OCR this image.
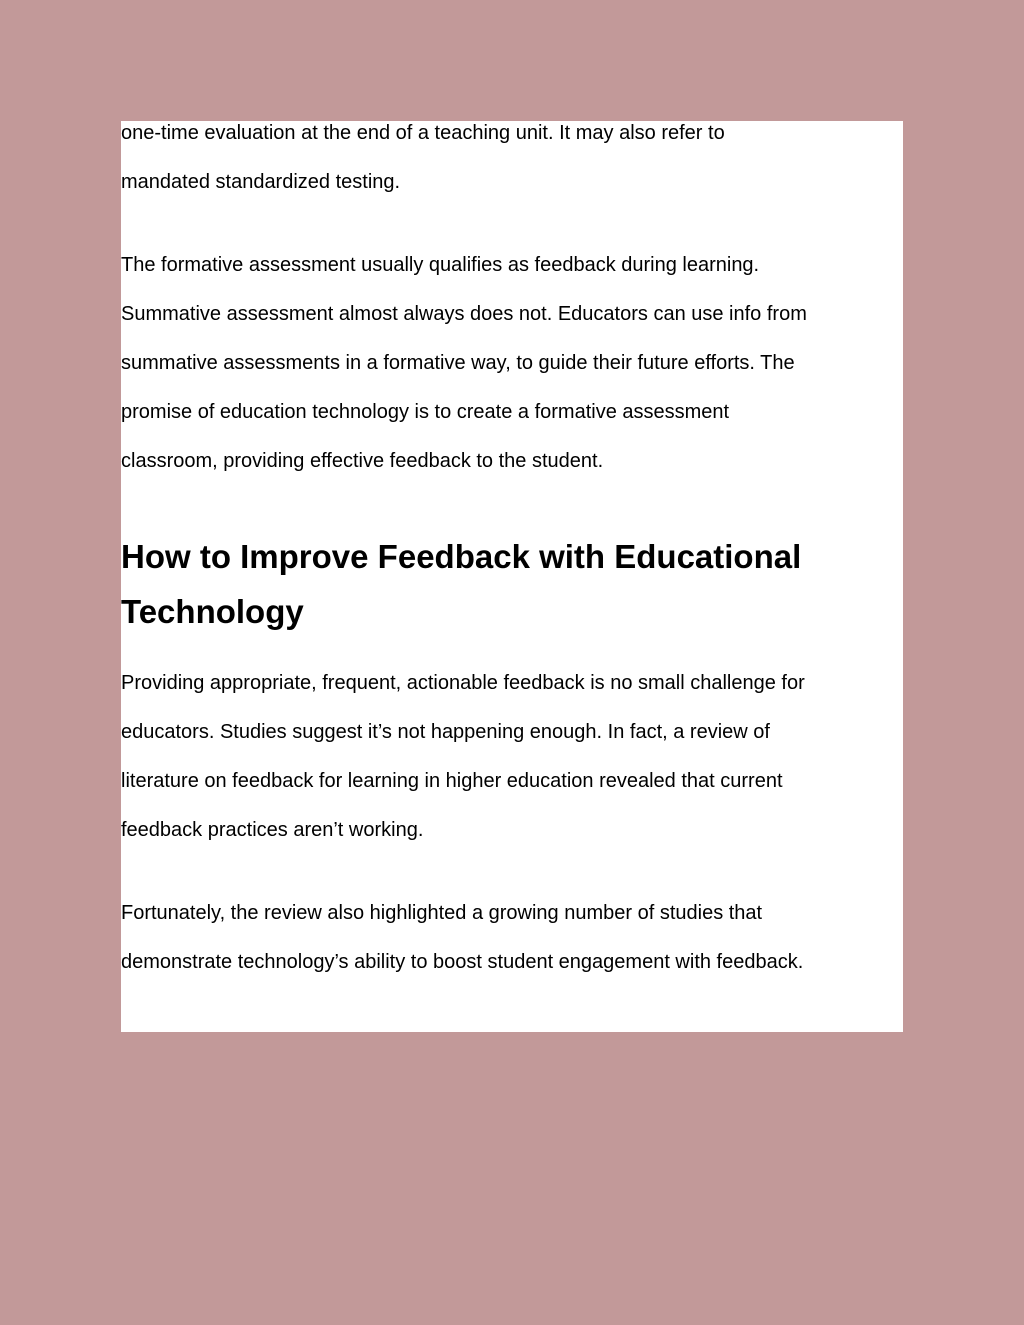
one-time evaluation at the end of a teaching unit. It may also refer to
mandated standardized testing.

The formative assessment usually qualifies as feedback during learning.
Summative assessment almost always does not. Educators can use info from
summative assessments in a formative way, to guide their future efforts. The
promise of education technology is to create a formative assessment
classroom, providing effective feedback to the student.

How to Improve Feedback with Educational
Technology

Providing appropriate, frequent, actionable feedback is no small challenge for
educators. Studies suggest it’s not happening enough. In fact, a review of
literature on feedback for learning in higher education revealed that current
feedback practices aren’t working.

Fortunately, the review also highlighted a growing number of studies that
demonstrate technology’s ability to boost student engagement with feedback.
